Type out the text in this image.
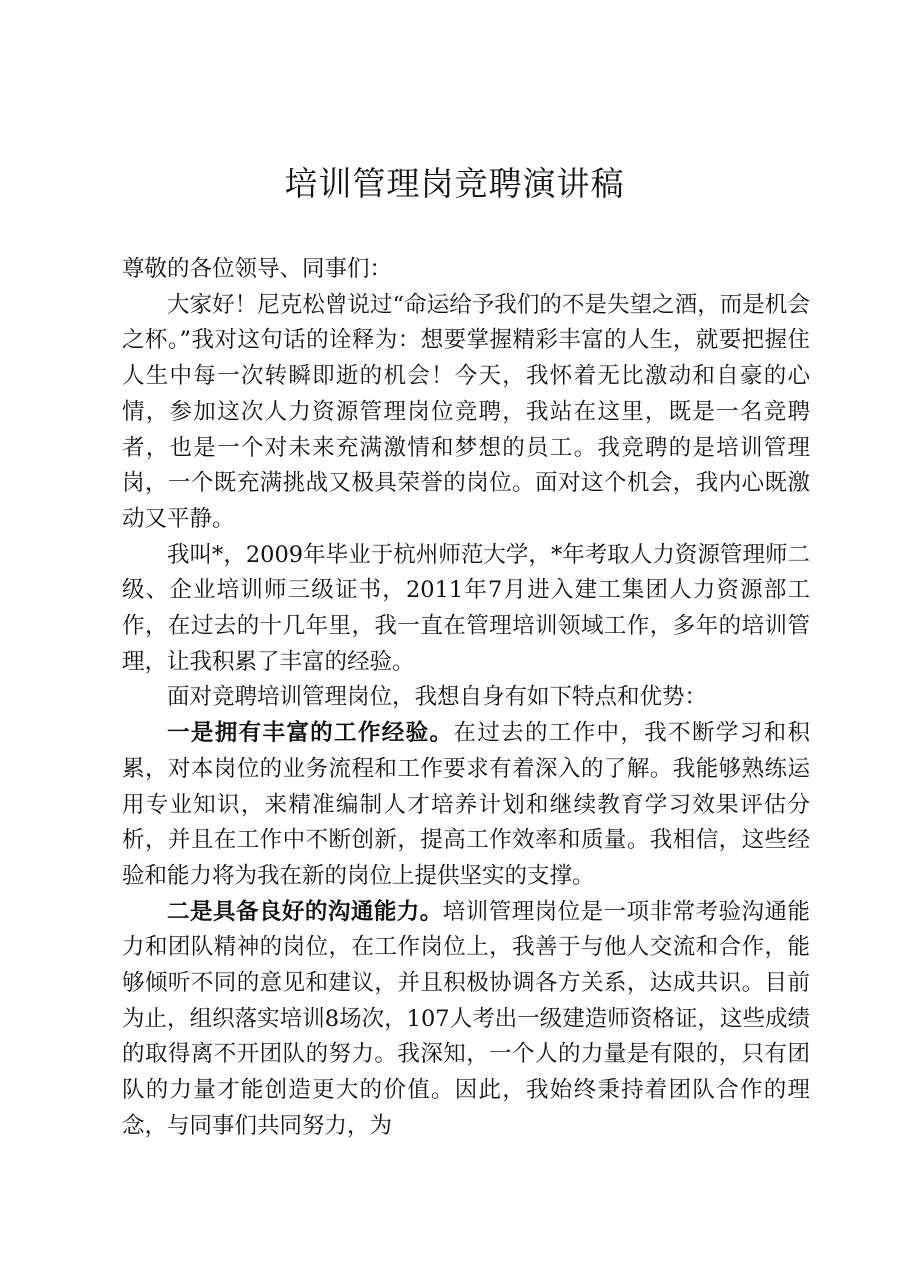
培训管理岗竞聘演讲稿

尊敬的各位领导、同事们：

大家好！尼克松曾说过“命运给予我们的不是失望之酒，而是机会之杯。”我对这句话的诠释为：想要掌握精彩丰富的人生，就要把握住人生中每一次转瞬即逝的机会！今天，我怀着无比激动和自豪的心情，参加这次人力资源管理岗位竞聘，我站在这里，既是一名竞聘者，也是一个对未来充满激情和梦想的员工。我竞聘的是培训管理岗，一个既充满挑战又极具荣誉的岗位。面对这个机会，我内心既激动又平静。

我叫*，2009年毕业于杭州师范大学，*年考取人力资源管理师二级、企业培训师三级证书，2011年7月进入建工集团人力资源部工作，在过去的十几年里，我一直在管理培训领域工作，多年的培训管理，让我积累了丰富的经验。

面对竞聘培训管理岗位，我想自身有如下特点和优势：

一是拥有丰富的工作经验。在过去的工作中，我不断学习和积累，对本岗位的业务流程和工作要求有着深入的了解。我能够熟练运用专业知识，来精准编制人才培养计划和继续教育学习效果评估分析，并且在工作中不断创新，提高工作效率和质量。我相信，这些经验和能力将为我在新的岗位上提供坚实的支撑。

二是具备良好的沟通能力。培训管理岗位是一项非常考验沟通能力和团队精神的岗位，在工作岗位上，我善于与他人交流和合作，能够倾听不同的意见和建议，并且积极协调各方关系，达成共识。目前为止，组织落实培训8场次，107人考出一级建造师资格证，这些成绩的取得离不开团队的努力。我深知，一个人的力量是有限的，只有团队的力量才能创造更大的价值。因此，我始终秉持着团队合作的理念，与同事们共同努力，为
